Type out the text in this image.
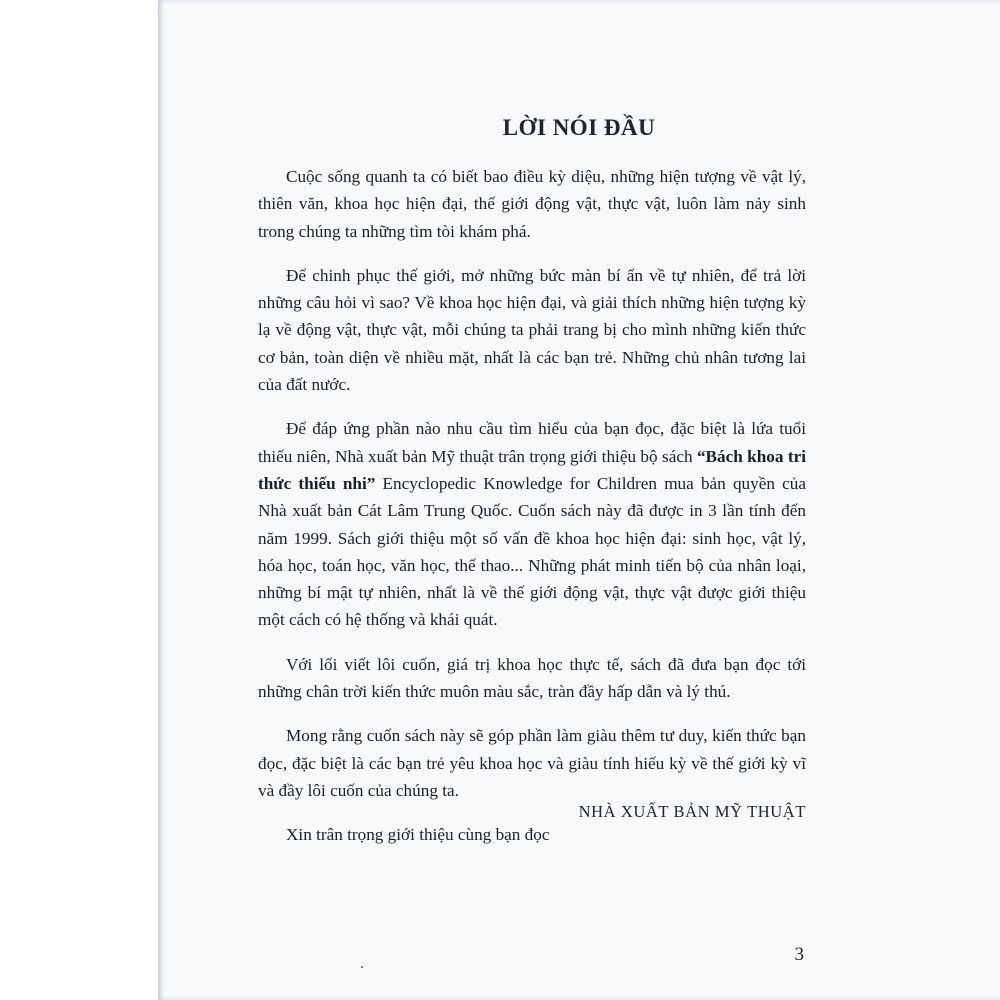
LỜI NÓI ĐẦU

Cuộc sống quanh ta có biết bao điều kỳ diệu, những hiện tượng về vật lý, thiên văn, khoa học hiện đại, thế giới động vật, thực vật, luôn làm nảy sinh trong chúng ta những tìm tòi khám phá.

Để chinh phục thế giới, mở những bức màn bí ẩn về tự nhiên, để trả lời những câu hỏi vì sao? Về khoa học hiện đại, và giải thích những hiện tượng kỳ lạ về động vật, thực vật, mỗi chúng ta phải trang bị cho mình những kiến thức cơ bản, toàn diện về nhiều mặt, nhất là các bạn trẻ. Những chủ nhân tương lai của đất nước.

Để đáp ứng phần nào nhu cầu tìm hiểu của bạn đọc, đặc biệt là lứa tuổi thiếu niên, Nhà xuất bản Mỹ thuật trân trọng giới thiệu bộ sách “Bách khoa tri thức thiếu nhi” Encyclopedic Knowledge for Children mua bản quyền của Nhà xuất bản Cát Lâm Trung Quốc. Cuốn sách này đã được in 3 lần tính đến năm 1999. Sách giới thiệu một số vấn đề khoa học hiện đại: sinh học, vật lý, hóa học, toán học, văn học, thể thao... Những phát minh tiến bộ của nhân loại, những bí mật tự nhiên, nhất là về thế giới động vật, thực vật được giới thiệu một cách có hệ thống và khái quát.

Với lối viết lôi cuốn, giá trị khoa học thực tế, sách đã đưa bạn đọc tới những chân trời kiến thức muôn màu sắc, tràn đầy hấp dẫn và lý thú.

Mong rằng cuốn sách này sẽ góp phần làm giàu thêm tư duy, kiến thức bạn đọc, đặc biệt là các bạn trẻ yêu khoa học và giàu tính hiếu kỳ về thế giới kỳ vĩ và đầy lôi cuốn của chúng ta.

Xin trân trọng giới thiệu cùng bạn đọc

NHÀ XUẤT BẢN MỸ THUẬT
3
